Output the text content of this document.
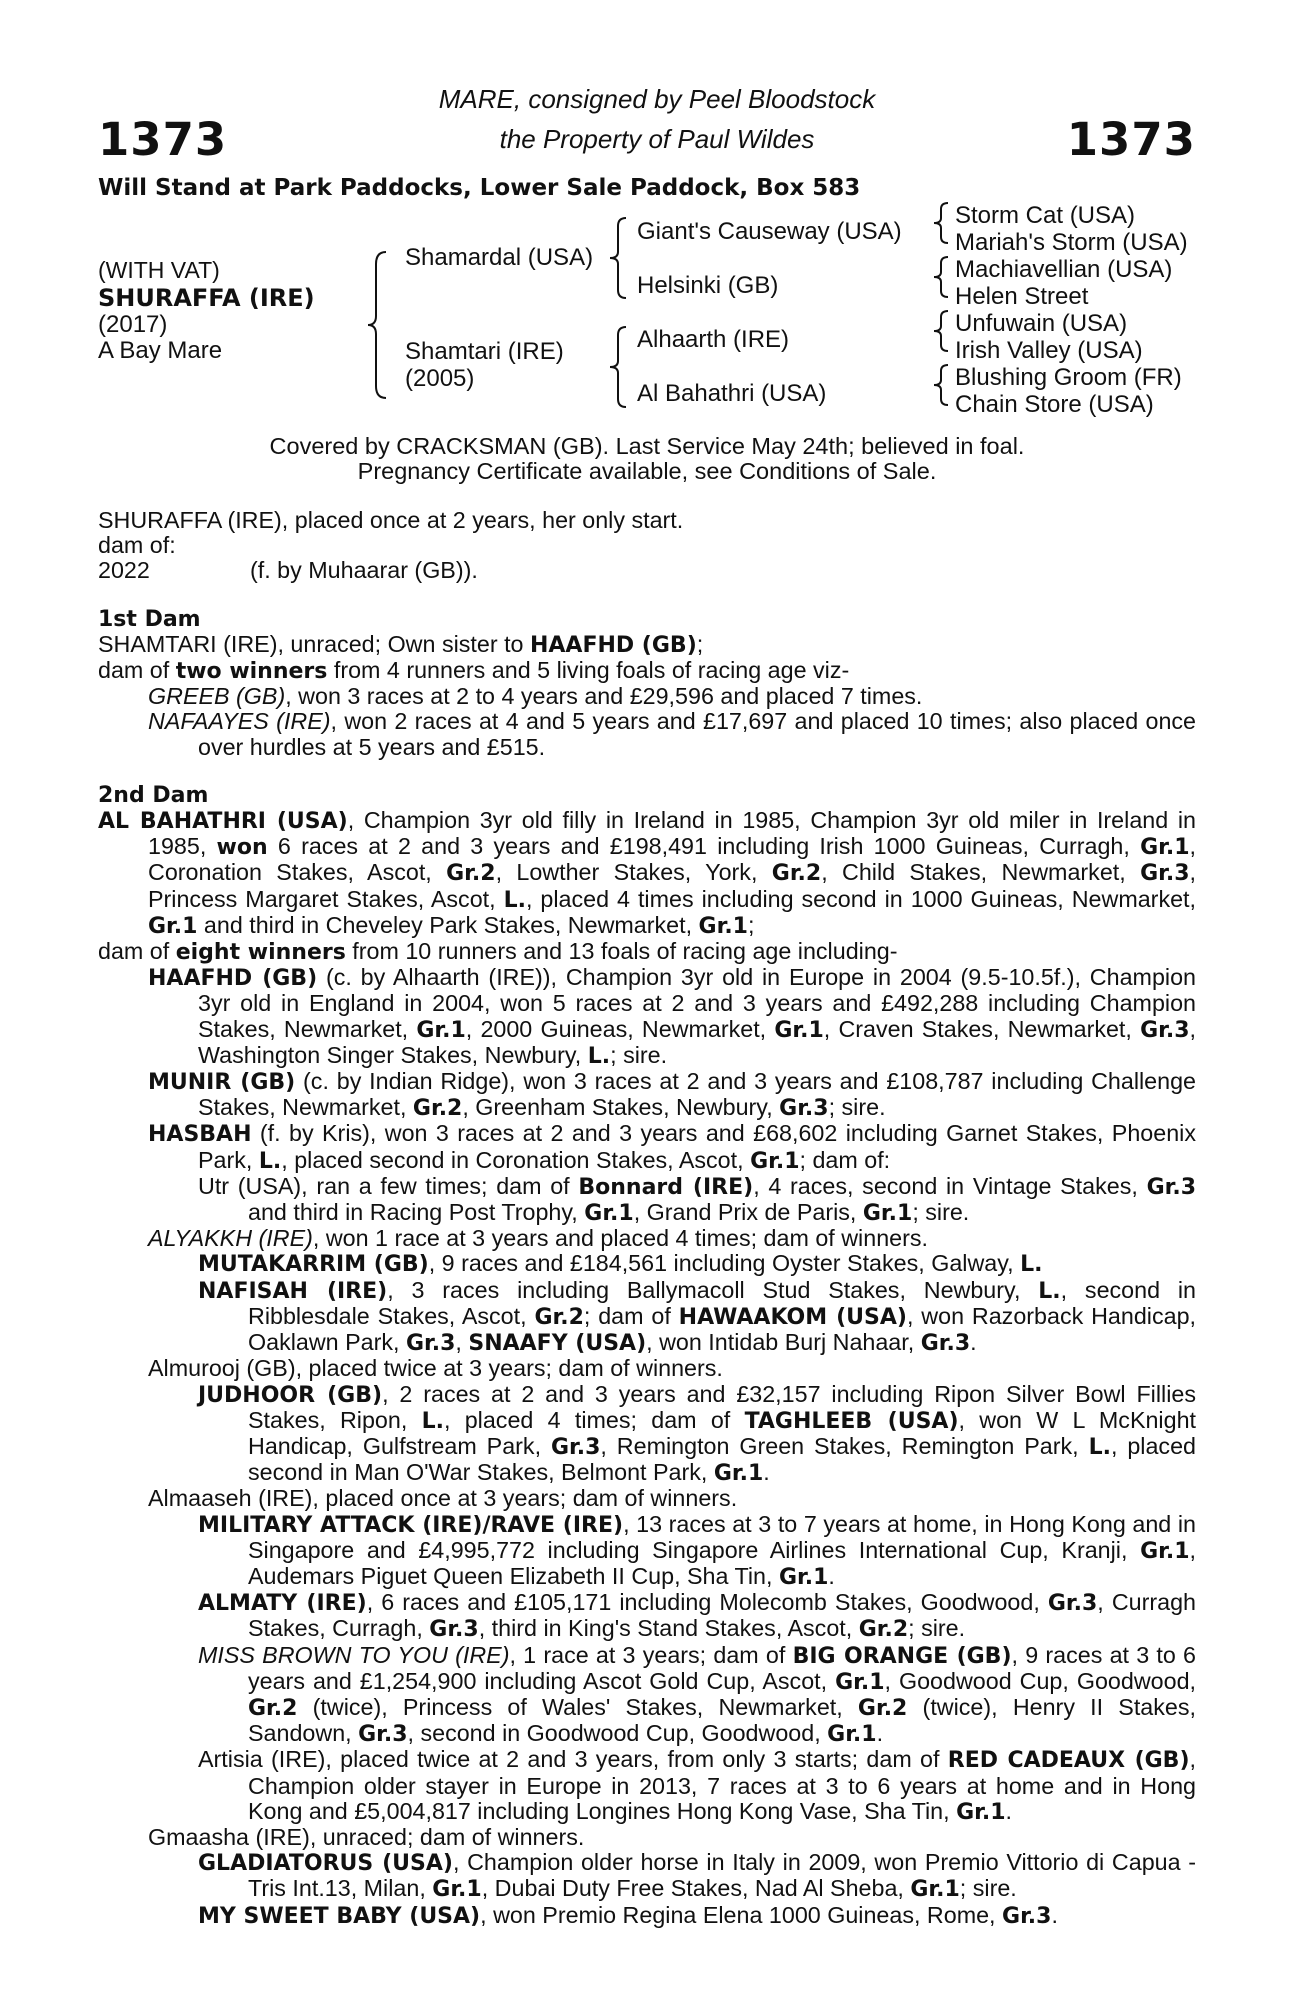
1373	1373
MARE, consigned by Peel Bloodstock
the Property of Paul Wildes
Will Stand at Park Paddocks, Lower Sale Paddock, Box 583
(WITH VAT)
SHURAFFA (IRE)
(2017)
A Bay Mare
Shamardal (USA)
Shamtari (IRE)
(2005)
Giant's Causeway (USA)
Helsinki (GB)
Alhaarth (IRE)
Al Bahathri (USA)
Storm Cat (USA)
Mariah's Storm (USA)
Machiavellian (USA)
Helen Street
Unfuwain (USA)
Irish Valley (USA)
Blushing Groom (FR)
Chain Store (USA)
Covered by CRACKSMAN (GB). Last Service May 24th; believed in foal.
Pregnancy Certificate available, see Conditions of Sale.

SHURAFFA (IRE), placed once at 2 years, her only start.

dam of:

2022	(f. by Muhaarar (GB)).

1st Dam

SHAMTARI (IRE), unraced; Own sister to HAAFHD (GB);

dam of two winners from 4 runners and 5 living foals of racing age viz-

GREEB (GB), won 3 races at 2 to 4 years and £29,596 and placed 7 times.

NAFAAYES (IRE), won 2 races at 4 and 5 years and £17,697 and placed 10 times; also placed once over hurdles at 5 years and £515.

2nd Dam

AL BAHATHRI (USA), Champion 3yr old filly in Ireland in 1985, Champion 3yr old miler in Ireland in 1985, won 6 races at 2 and 3 years and £198,491 including Irish 1000 Guineas, Curragh, Gr.1, Coronation Stakes, Ascot, Gr.2, Lowther Stakes, York, Gr.2, Child Stakes, Newmarket, Gr.3, Princess Margaret Stakes, Ascot, L., placed 4 times including second in 1000 Guineas, Newmarket, Gr.1 and third in Cheveley Park Stakes, Newmarket, Gr.1;

dam of eight winners from 10 runners and 13 foals of racing age including-

HAAFHD (GB) (c. by Alhaarth (IRE)), Champion 3yr old in Europe in 2004 (9.5-10.5f.), Champion 3yr old in England in 2004, won 5 races at 2 and 3 years and £492,288 including Champion Stakes, Newmarket, Gr.1, 2000 Guineas, Newmarket, Gr.1, Craven Stakes, Newmarket, Gr.3, Washington Singer Stakes, Newbury, L.; sire.

MUNIR (GB) (c. by Indian Ridge), won 3 races at 2 and 3 years and £108,787 including Challenge Stakes, Newmarket, Gr.2, Greenham Stakes, Newbury, Gr.3; sire.

HASBAH (f. by Kris), won 3 races at 2 and 3 years and £68,602 including Garnet Stakes, Phoenix Park, L., placed second in Coronation Stakes, Ascot, Gr.1; dam of:

Utr (USA), ran a few times; dam of Bonnard (IRE), 4 races, second in Vintage Stakes, Gr.3 and third in Racing Post Trophy, Gr.1, Grand Prix de Paris, Gr.1; sire.

ALYAKKH (IRE), won 1 race at 3 years and placed 4 times; dam of winners.

MUTAKARRIM (GB), 9 races and £184,561 including Oyster Stakes, Galway, L.

NAFISAH (IRE), 3 races including Ballymacoll Stud Stakes, Newbury, L., second in Ribblesdale Stakes, Ascot, Gr.2; dam of HAWAAKOM (USA), won Razorback Handicap, Oaklawn Park, Gr.3, SNAAFY (USA), won Intidab Burj Nahaar, Gr.3.

Almurooj (GB), placed twice at 3 years; dam of winners.

JUDHOOR (GB), 2 races at 2 and 3 years and £32,157 including Ripon Silver Bowl Fillies Stakes, Ripon, L., placed 4 times; dam of TAGHLEEB (USA), won W L McKnight Handicap, Gulfstream Park, Gr.3, Remington Green Stakes, Remington Park, L., placed second in Man O'War Stakes, Belmont Park, Gr.1.

Almaaseh (IRE), placed once at 3 years; dam of winners.

MILITARY ATTACK (IRE)/RAVE (IRE), 13 races at 3 to 7 years at home, in Hong Kong and in Singapore and £4,995,772 including Singapore Airlines International Cup, Kranji, Gr.1, Audemars Piguet Queen Elizabeth II Cup, Sha Tin, Gr.1.

ALMATY (IRE), 6 races and £105,171 including Molecomb Stakes, Goodwood, Gr.3, Curragh Stakes, Curragh, Gr.3, third in King's Stand Stakes, Ascot, Gr.2; sire.

MISS BROWN TO YOU (IRE), 1 race at 3 years; dam of BIG ORANGE (GB), 9 races at 3 to 6 years and £1,254,900 including Ascot Gold Cup, Ascot, Gr.1, Goodwood Cup, Goodwood, Gr.2 (twice), Princess of Wales' Stakes, Newmarket, Gr.2 (twice), Henry II Stakes, Sandown, Gr.3, second in Goodwood Cup, Goodwood, Gr.1.

Artisia (IRE), placed twice at 2 and 3 years, from only 3 starts; dam of RED CADEAUX (GB), Champion older stayer in Europe in 2013, 7 races at 3 to 6 years at home and in Hong Kong and £5,004,817 including Longines Hong Kong Vase, Sha Tin, Gr.1.

Gmaasha (IRE), unraced; dam of winners.

GLADIATORUS (USA), Champion older horse in Italy in 2009, won Premio Vittorio di Capua - Tris Int.13, Milan, Gr.1, Dubai Duty Free Stakes, Nad Al Sheba, Gr.1; sire.

MY SWEET BABY (USA), won Premio Regina Elena 1000 Guineas, Rome, Gr.3.
